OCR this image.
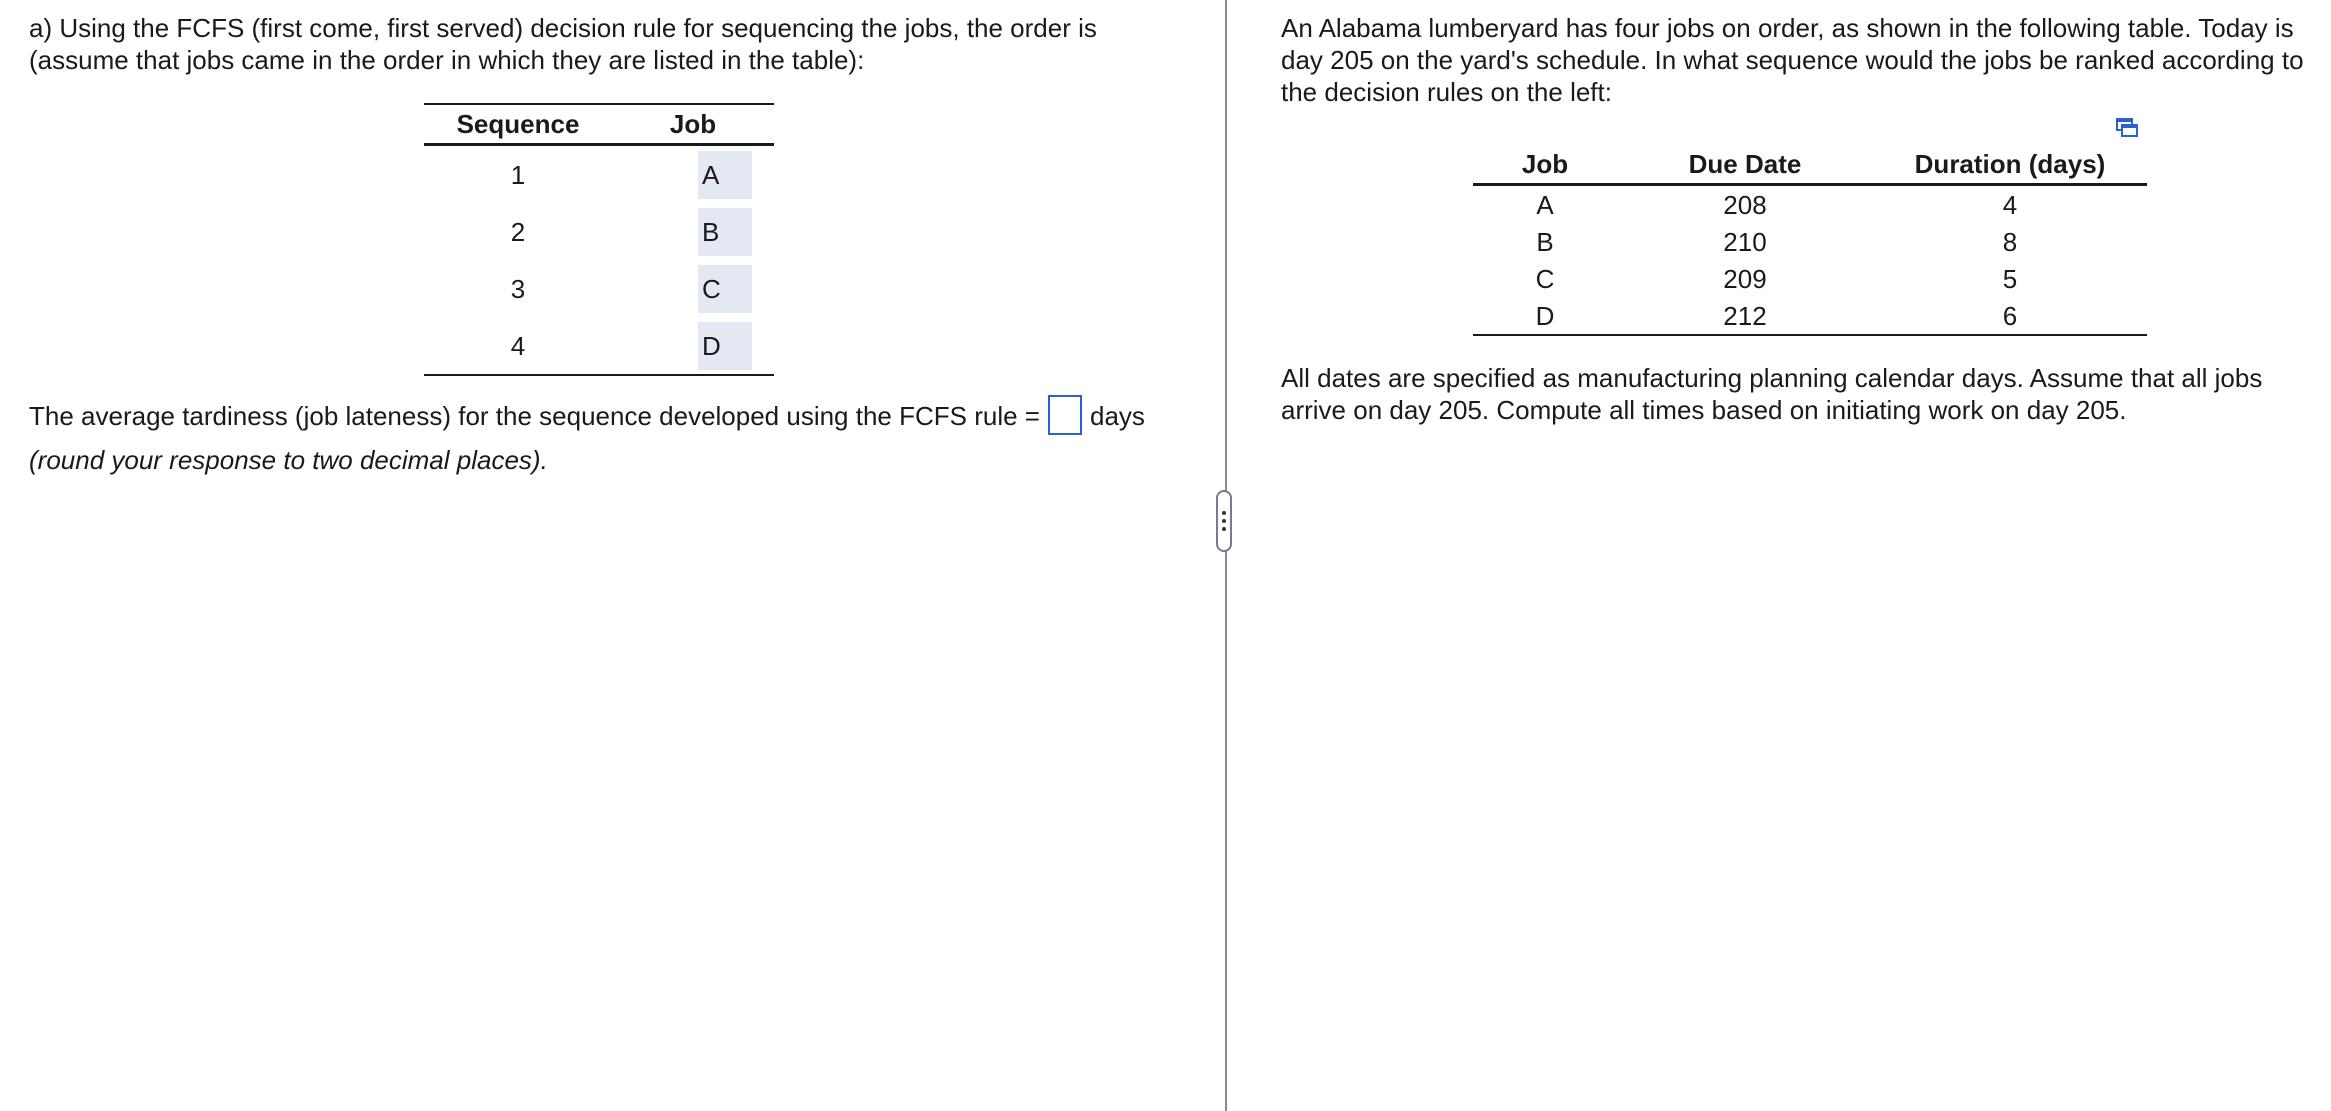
a) Using the FCFS (first come, first served) decision rule for sequencing the jobs, the order is (assume that jobs came in the order in which they are listed in the table):

Sequence	Job
1	A
2	B
3	C
4	D
The average tardiness (job lateness) for the sequence developed using the FCFS rule = days
(round your response to two decimal places).

An Alabama lumberyard has four jobs on order, as shown in the following table. Today is day 205 on the yard's schedule. In what sequence would the jobs be ranked according to the decision rules on the left:

Job	Due Date	Duration (days)
A	208	4
B	210	8
C	209	5
D	212	6

All dates are specified as manufacturing planning calendar days. Assume that all jobs arrive on day 205. Compute all times based on initiating work on day 205.
